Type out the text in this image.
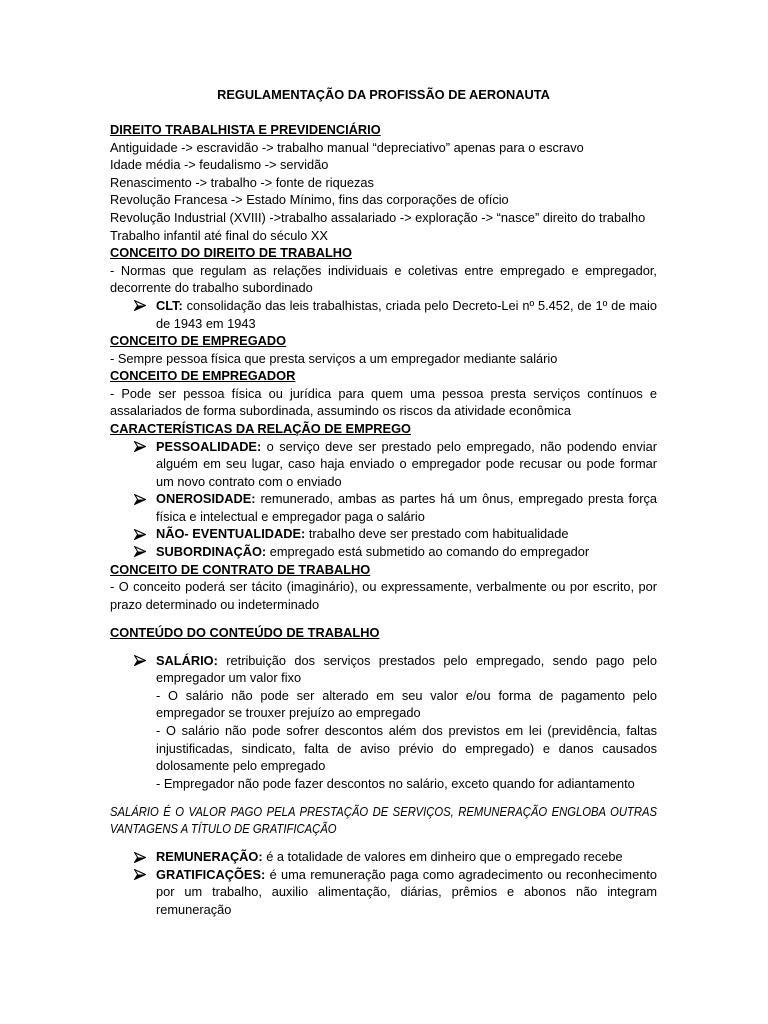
REGULAMENTAÇÃO DA PROFISSÃO DE AERONAUTA
DIREITO TRABALHISTA E PREVIDENCIÁRIO
Antiguidade -> escravidão -> trabalho manual “depreciativo” apenas para o escravo
Idade média -> feudalismo -> servidão
Renascimento -> trabalho -> fonte de riquezas
Revolução Francesa -> Estado Mínimo, fins das corporações de ofício
Revolução Industrial (XVIII) ->trabalho assalariado -> exploração -> “nasce” direito do trabalho
Trabalho infantil até final do século XX
CONCEITO DO DIREITO DE TRABALHO
- Normas que regulam as relações individuais e coletivas entre empregado e empregador,
decorrente do trabalho subordinado
CLT: consolidação das leis trabalhistas, criada pelo Decreto-Lei nº 5.452, de 1º de maio
de 1943 em 1943
CONCEITO DE EMPREGADO
- Sempre pessoa física que presta serviços a um empregador mediante salário
CONCEITO DE EMPREGADOR
- Pode ser pessoa física ou jurídica para quem uma pessoa presta serviços contínuos e
assalariados de forma subordinada, assumindo os riscos da atividade econômica
CARACTERÍSTICAS DA RELAÇÃO DE EMPREGO
PESSOALIDADE: o serviço deve ser prestado pelo empregado, não podendo enviar
alguém em seu lugar, caso haja enviado o empregador pode recusar ou pode formar
um novo contrato com o enviado
ONEROSIDADE: remunerado, ambas as partes há um ônus, empregado presta força
física e intelectual e empregador paga o salário
NÃO- EVENTUALIDADE: trabalho deve ser prestado com habitualidade
SUBORDINAÇÃO: empregado está submetido ao comando do empregador
CONCEITO DE CONTRATO DE TRABALHO
- O conceito poderá ser tácito (imaginário), ou expressamente, verbalmente ou por escrito, por
prazo determinado ou indeterminado
CONTEÚDO DO CONTEÚDO DE TRABALHO
SALÁRIO: retribuição dos serviços prestados pelo empregado, sendo pago pelo
empregador um valor fixo
- O salário não pode ser alterado em seu valor e/ou forma de pagamento pelo
empregador se trouxer prejuízo ao empregado
- O salário não pode sofrer descontos além dos previstos em lei (previdência, faltas
injustificadas, sindicato, falta de aviso prévio do empregado) e danos causados
dolosamente pelo empregado
- Empregador não pode fazer descontos no salário, exceto quando for adiantamento
SALÁRIO É O VALOR PAGO PELA PRESTAÇÃO DE SERVIÇOS, REMUNERAÇÃO ENGLOBA OUTRAS
VANTAGENS A TÍTULO DE GRATIFICAÇÃO
REMUNERAÇÃO: é a totalidade de valores em dinheiro que o empregado recebe
GRATIFICAÇÕES: é uma remuneração paga como agradecimento ou reconhecimento
por um trabalho, auxilio alimentação, diárias, prêmios e abonos não integram
remuneração
